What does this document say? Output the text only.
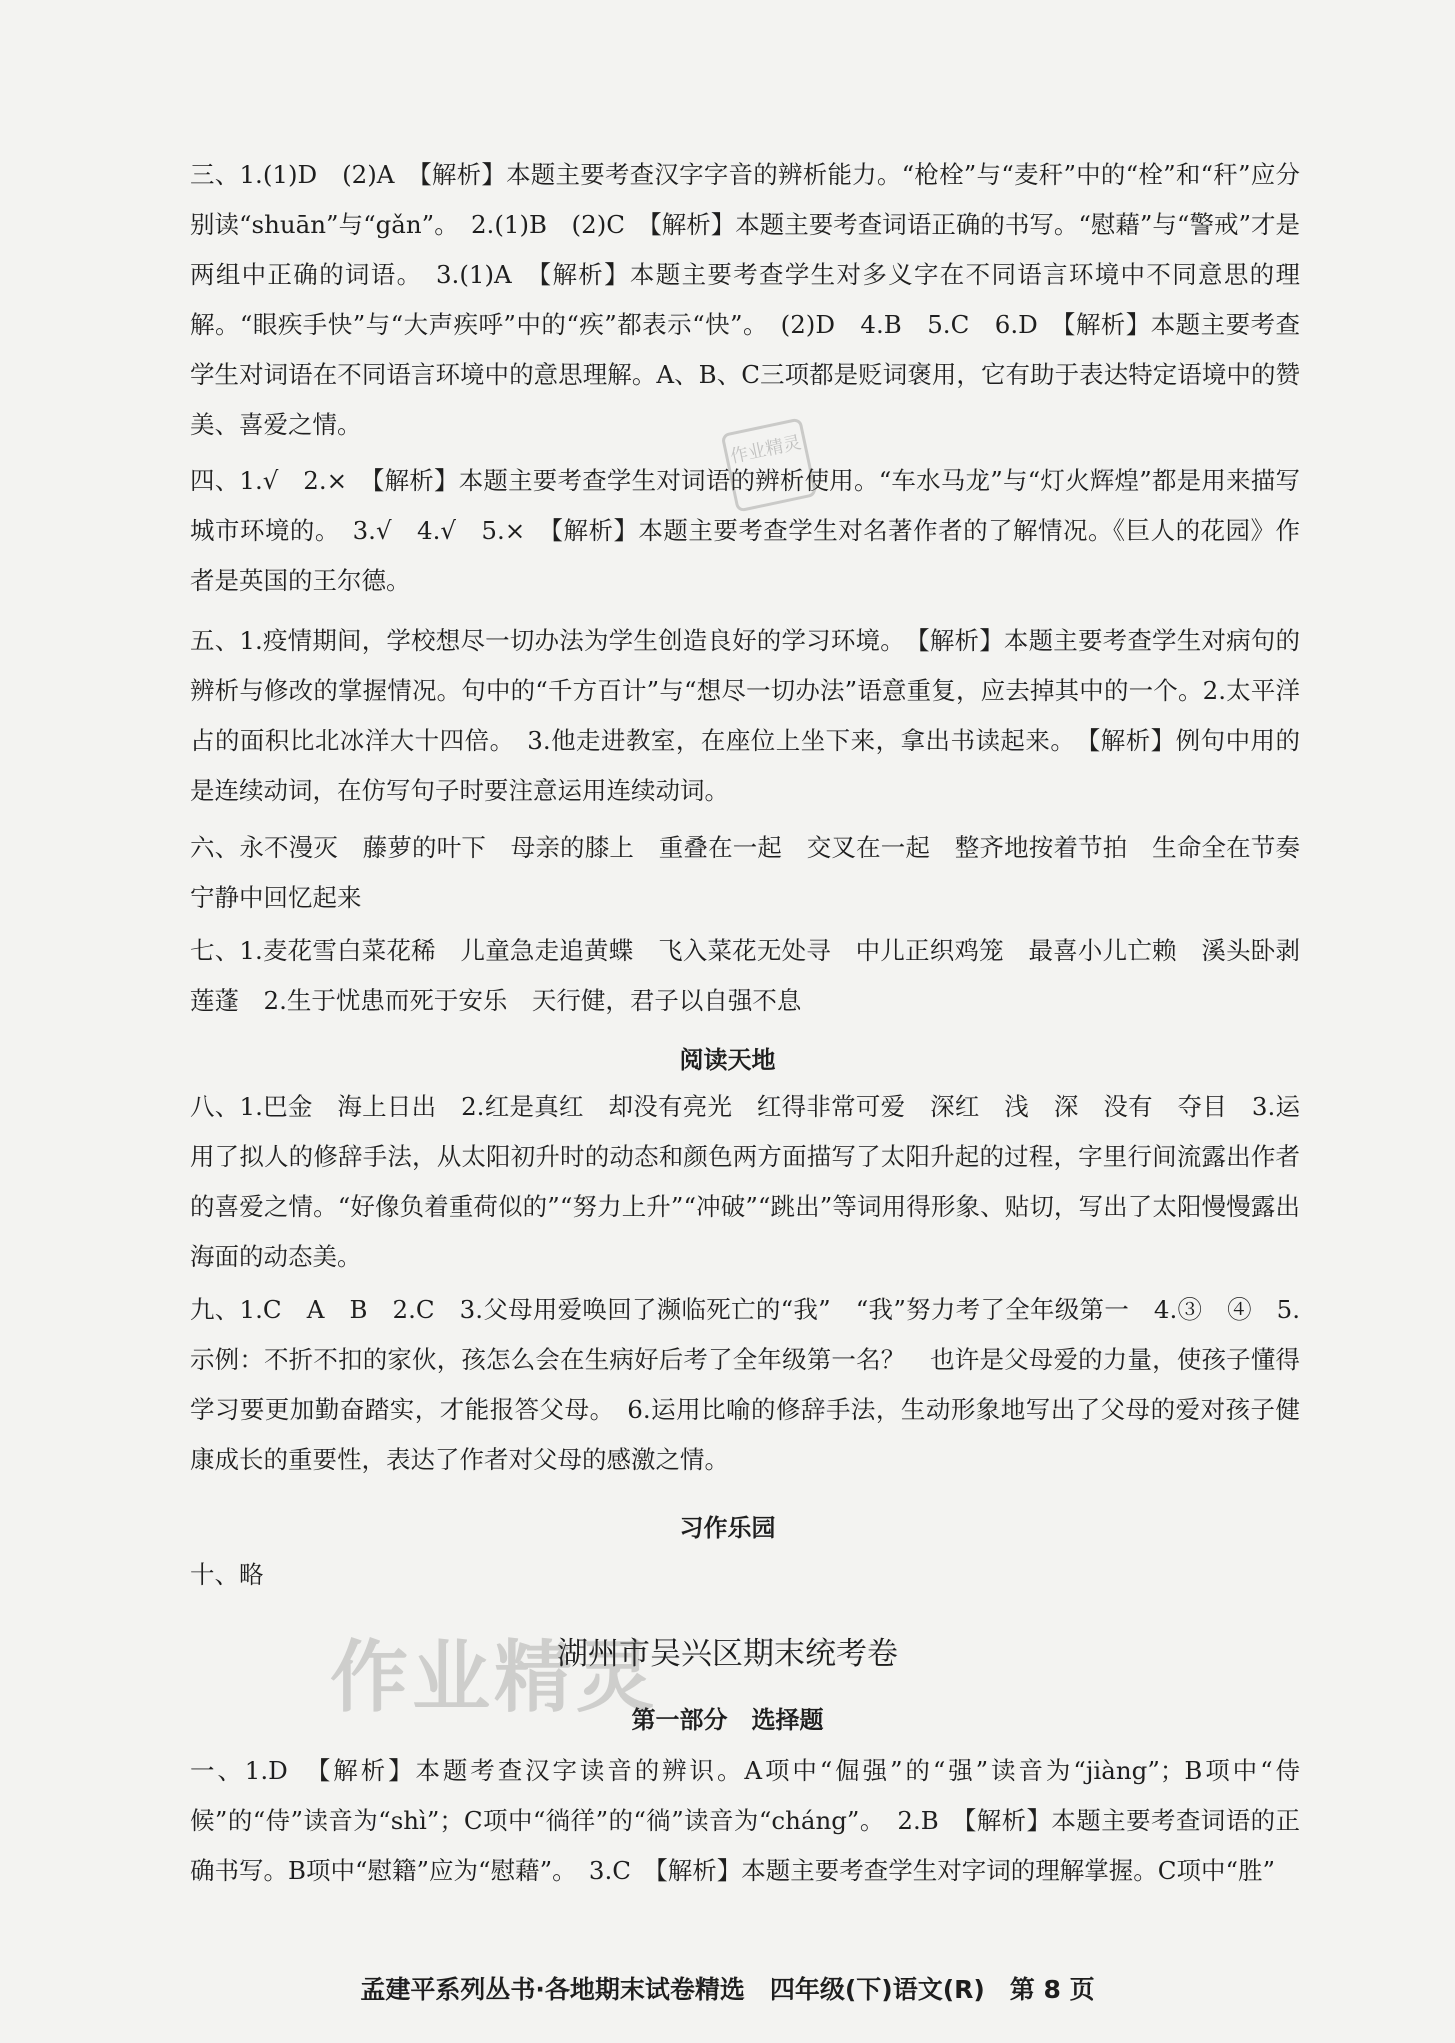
三、1.(1)D　(2)A　【解析】本题主要考查汉字字音的辨析能力。“枪栓”与“麦秆”中的“栓”和“秆”应分别读“shuān”与“gǎn”。　2.(1)B　(2)C　【解析】本题主要考查词语正确的书写。“慰藉”与“警戒”才是两组中正确的词语。　3.(1)A　【解析】本题主要考查学生对多义字在不同语言环境中不同意思的理解。“眼疾手快”与“大声疾呼”中的“疾”都表示“快”。　(2)D　4.B　5.C　6.D　【解析】本题主要考查学生对词语在不同语言环境中的意思理解。A、B、C三项都是贬词褒用，它有助于表达特定语境中的赞美、喜爱之情。

四、1.√　2.×　【解析】本题主要考查学生对词语的辨析使用。“车水马龙”与“灯火辉煌”都是用来描写城市环境的。　3.√　4.√　5.×　【解析】本题主要考查学生对名著作者的了解情况。《巨人的花园》作者是英国的王尔德。

五、1.疫情期间，学校想尽一切办法为学生创造良好的学习环境。　【解析】本题主要考查学生对病句的辨析与修改的掌握情况。句中的“千方百计”与“想尽一切办法”语意重复，应去掉其中的一个。2.太平洋占的面积比北冰洋大十四倍。　3.他走进教室，在座位上坐下来，拿出书读起来。　【解析】例句中用的是连续动词，在仿写句子时要注意运用连续动词。

六、永不漫灭　藤萝的叶下　母亲的膝上　重叠在一起　交叉在一起　整齐地按着节拍　生命全在节奏　宁静中回忆起来

七、1.麦花雪白菜花稀　儿童急走追黄蝶　飞入菜花无处寻　中儿正织鸡笼　最喜小儿亡赖　溪头卧剥莲蓬　2.生于忧患而死于安乐　天行健，君子以自强不息

阅读天地

八、1.巴金　海上日出　2.红是真红　却没有亮光　红得非常可爱　深红　浅　深　没有　夺目　3.运用了拟人的修辞手法，从太阳初升时的动态和颜色两方面描写了太阳升起的过程，字里行间流露出作者的喜爱之情。“好像负着重荷似的”“努力上升”“冲破”“跳出”等词用得形象、贴切，写出了太阳慢慢露出海面的动态美。

九、1.C　A　B　2.C　3.父母用爱唤回了濒临死亡的“我”　“我”努力考了全年级第一　4.③　④　5.示例：不折不扣的家伙，孩怎么会在生病好后考了全年级第一名？　也许是父母爱的力量，使孩子懂得学习要更加勤奋踏实，才能报答父母。　6.运用比喻的修辞手法，生动形象地写出了父母的爱对孩子健康成长的重要性，表达了作者对父母的感激之情。

习作乐园

十、略

湖州市吴兴区期末统考卷
第一部分　选择题

一、1.D　【解析】本题考查汉字读音的辨识。A项中“倔强”的“强”读音为“jiàng”；B项中“侍候”的“侍”读音为“shì”；C项中“徜徉”的“徜”读音为“cháng”。　2.B　【解析】本题主要考查词语的正确书写。B项中“慰籍”应为“慰藉”。　3.C　【解析】本题主要考查学生对字词的理解掌握。C项中“胜”

孟建平系列丛书·各地期末试卷精选　四年级(下)语文(R)　第 8 页
作业精灵
作业精灵
